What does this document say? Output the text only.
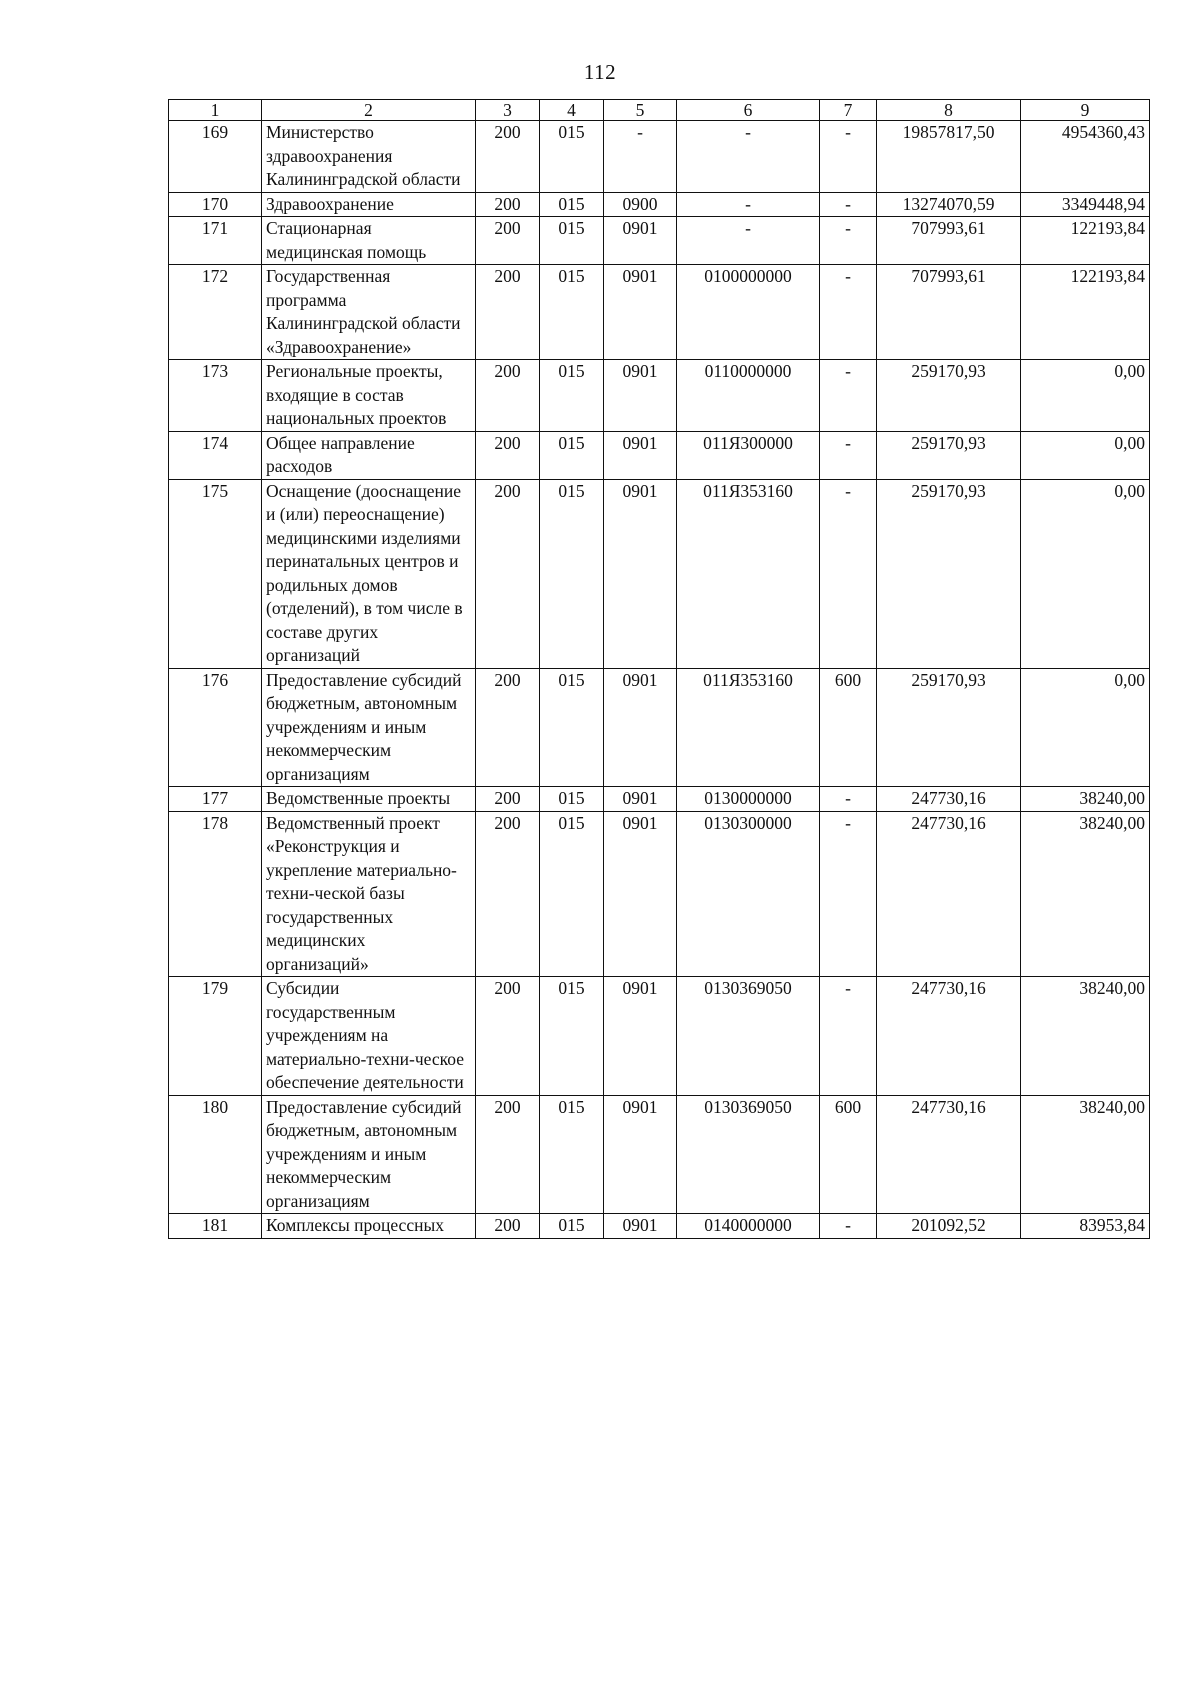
112
1	2	3	4	5	6	7	8	9
169	Министерство здравоохранения Калининградской области	200	015	-	-	-	19857817,50	4954360,43
170	Здравоохранение	200	015	0900	-	-	13274070,59	3349448,94
171	Стационарная медицинская помощь	200	015	0901	-	-	707993,61	122193,84
172	Государственная программа Калининградской области «Здравоохранение»	200	015	0901	0100000000	-	707993,61	122193,84
173	Региональные проекты, входящие в состав национальных проектов	200	015	0901	0110000000	-	259170,93	0,00
174	Общее направление расходов	200	015	0901	011Я300000	-	259170,93	0,00
175	Оснащение (дооснащение и (или) переоснащение) медицинскими изделиями перинатальных центров и родильных домов (отделений), в том числе в составе других организаций	200	015	0901	011Я353160	-	259170,93	0,00
176	Предоставление субсидий бюджетным, автономным учреждениям и иным некоммерческим организациям	200	015	0901	011Я353160	600	259170,93	0,00
177	Ведомственные проекты	200	015	0901	0130000000	-	247730,16	38240,00
178	Ведомственный проект «Реконструкция и укрепление материально-техни-ческой базы государственных медицинских организаций»	200	015	0901	0130300000	-	247730,16	38240,00
179	Субсидии государственным учреждениям на материально-техни-ческое обеспечение деятельности	200	015	0901	0130369050	-	247730,16	38240,00
180	Предоставление субсидий бюджетным, автономным учреждениям и иным некоммерческим организациям	200	015	0901	0130369050	600	247730,16	38240,00
181	Комплексы процессных	200	015	0901	0140000000	-	201092,52	83953,84
